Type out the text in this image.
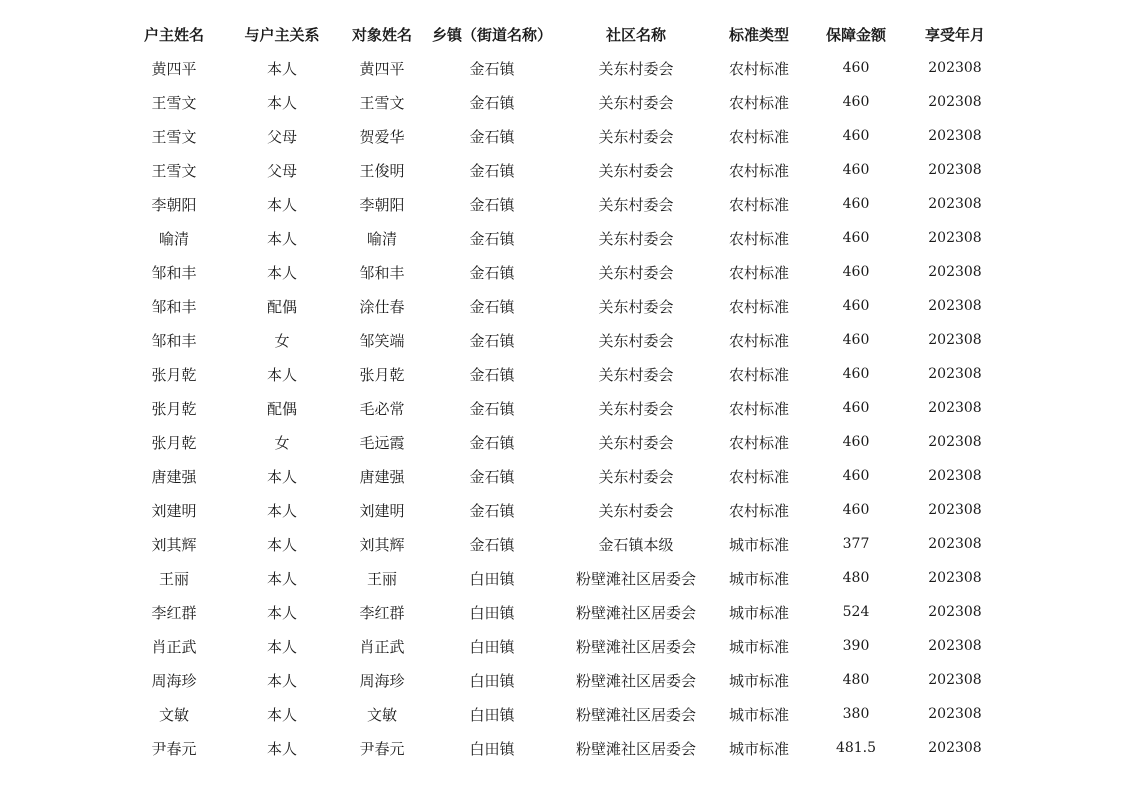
户主姓名	与户主关系	对象姓名	乡镇（街道名称）	社区名称	标准类型	保障金额	享受年月
黄四平	本人	黄四平	金石镇	关东村委会	农村标准	460	202308
王雪文	本人	王雪文	金石镇	关东村委会	农村标准	460	202308
王雪文	父母	贺爱华	金石镇	关东村委会	农村标准	460	202308
王雪文	父母	王俊明	金石镇	关东村委会	农村标准	460	202308
李朝阳	本人	李朝阳	金石镇	关东村委会	农村标准	460	202308
喻清	本人	喻清	金石镇	关东村委会	农村标准	460	202308
邹和丰	本人	邹和丰	金石镇	关东村委会	农村标准	460	202308
邹和丰	配偶	涂仕春	金石镇	关东村委会	农村标准	460	202308
邹和丰	女	邹笑端	金石镇	关东村委会	农村标准	460	202308
张月乾	本人	张月乾	金石镇	关东村委会	农村标准	460	202308
张月乾	配偶	毛必常	金石镇	关东村委会	农村标准	460	202308
张月乾	女	毛远霞	金石镇	关东村委会	农村标准	460	202308
唐建强	本人	唐建强	金石镇	关东村委会	农村标准	460	202308
刘建明	本人	刘建明	金石镇	关东村委会	农村标准	460	202308
刘其辉	本人	刘其辉	金石镇	金石镇本级	城市标准	377	202308
王丽	本人	王丽	白田镇	粉壁滩社区居委会	城市标准	480	202308
李红群	本人	李红群	白田镇	粉壁滩社区居委会	城市标准	524	202308
肖正武	本人	肖正武	白田镇	粉壁滩社区居委会	城市标准	390	202308
周海珍	本人	周海珍	白田镇	粉壁滩社区居委会	城市标准	480	202308
文敏	本人	文敏	白田镇	粉壁滩社区居委会	城市标准	380	202308
尹春元	本人	尹春元	白田镇	粉壁滩社区居委会	城市标准	481.5	202308
